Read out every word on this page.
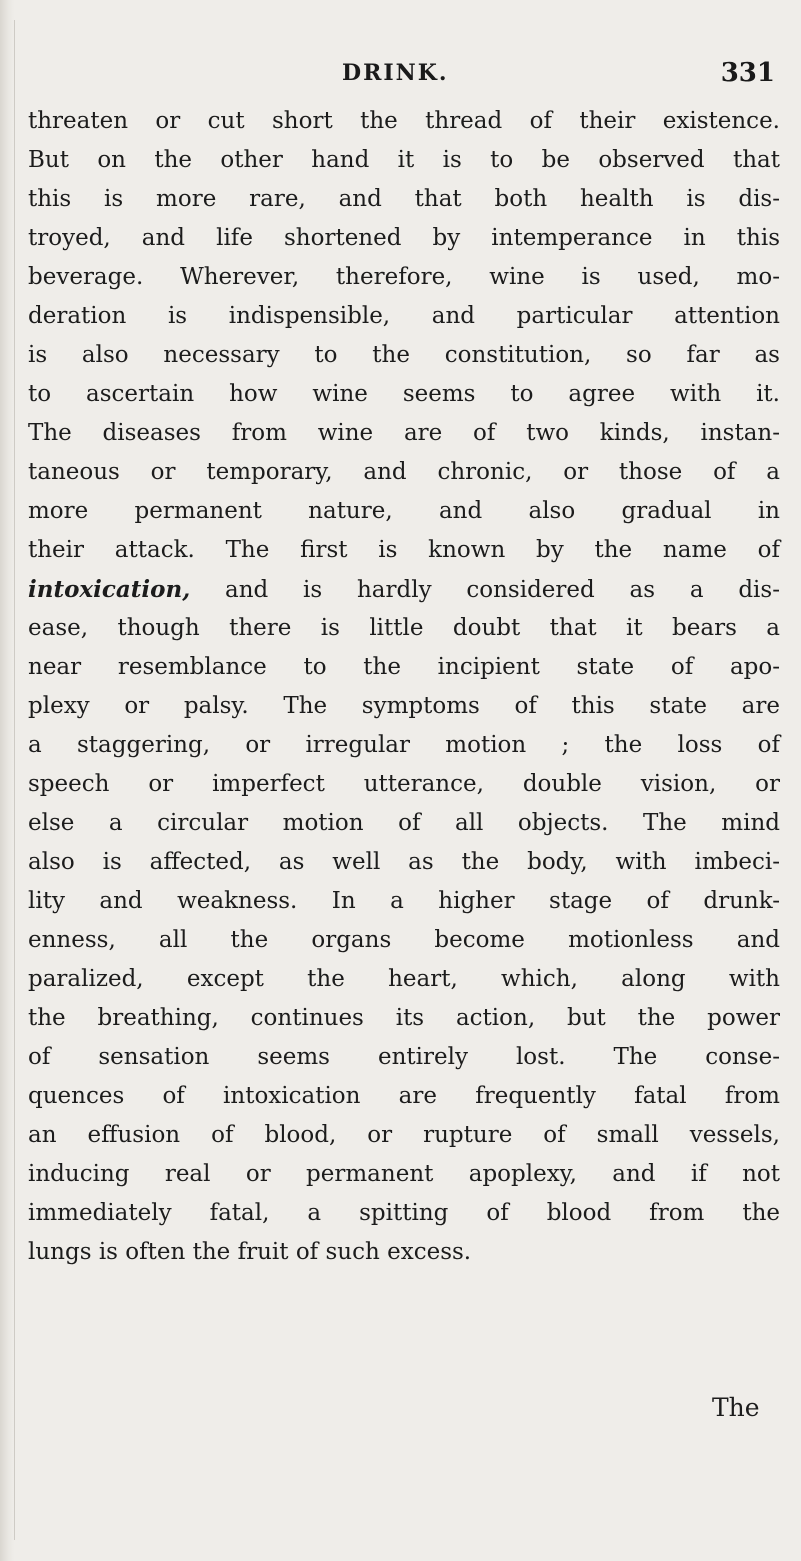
DRINK.	331
threaten or cut short the thread of their existence.
But on the other hand it is to be observed that
this is more rare, and that both health is dis-
troyed, and life shortened by intemperance in this
beverage. Wherever, therefore, wine is used, mo-
deration is indispensible, and particular attention
is also necessary to the constitution, so far as
to ascertain how wine seems to agree with it.
The diseases from wine are of two kinds, instan-
taneous or temporary, and chronic, or those of a
more permanent nature, and also gradual in
their attack. The first is known by the name of
intoxication, and is hardly considered as a dis-
ease, though there is little doubt that it bears a
near resemblance to the incipient state of apo-
plexy or palsy. The symptoms of this state are
a staggering, or irregular motion ; the loss of
speech or imperfect utterance, double vision, or
else a circular motion of all objects. The mind
also is affected, as well as the body, with imbeci-
lity and weakness. In a higher stage of drunk-
enness, all the organs become motionless and
paralized, except the heart, which, along with
the breathing, continues its action, but the power
of sensation seems entirely lost. The conse-
quences of intoxication are frequently fatal from
an effusion of blood, or rupture of small vessels,
inducing real or permanent apoplexy, and if not
immediately fatal, a spitting of blood from the
lungs is often the fruit of such excess.
The
